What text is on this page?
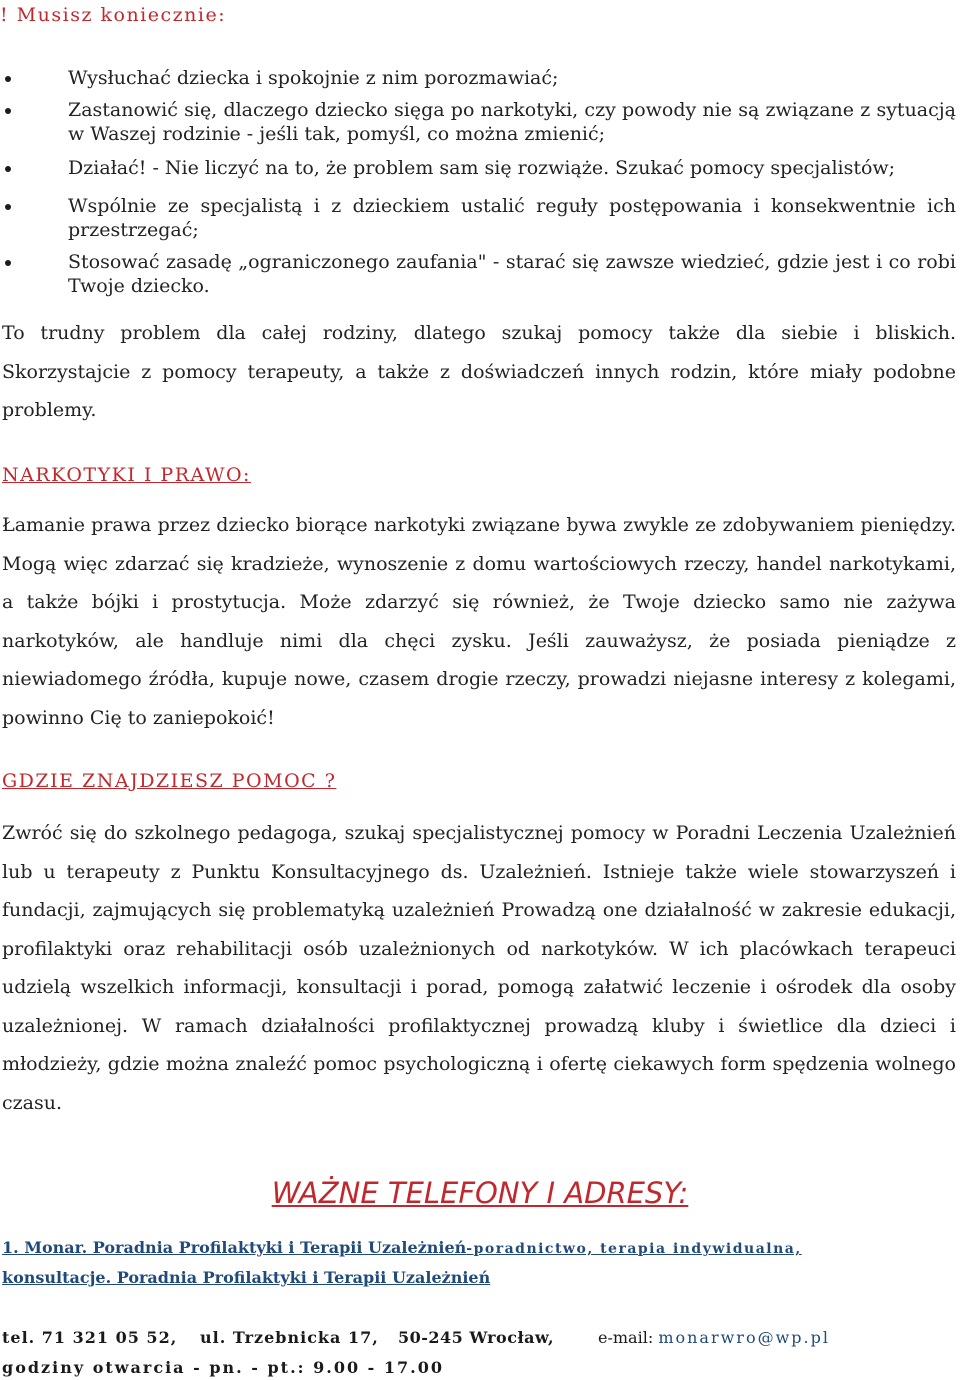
! Musisz koniecznie:
Wysłuchać dziecka i spokojnie z nim porozmawiać;
Zastanowić się, dlaczego dziecko sięga po narkotyki, czy powody nie są związane z sytuacją w Waszej rodzinie - jeśli tak, pomyśl, co można zmienić;
Działać! - Nie liczyć na to, że problem sam się rozwiąże. Szukać pomocy specjalistów;
Wspólnie ze specjalistą i z dzieckiem ustalić reguły postępowania i konsekwentnie ich przestrzegać;
Stosować zasadę „ograniczonego zaufania" - starać się zawsze wiedzieć, gdzie jest i co robi Twoje dziecko.
To trudny problem dla całej rodziny, dlatego szukaj pomocy także dla siebie i bliskich. Skorzystajcie z pomocy terapeuty, a także z doświadczeń innych rodzin, które miały podobne problemy.
NARKOTYKI I PRAWO:
Łamanie prawa przez dziecko biorące narkotyki związane bywa zwykle ze zdobywaniem pieniędzy. Mogą więc zdarzać się kradzieże, wynoszenie z domu wartościowych rzeczy, handel narkotykami, a także bójki i prostytucja. Może zdarzyć się również, że Twoje dziecko samo nie zażywa narkotyków, ale handluje nimi dla chęci zysku. Jeśli zauważysz, że posiada pieniądze z niewiadomego źródła, kupuje nowe, czasem drogie rzeczy, prowadzi niejasne interesy z kolegami, powinno Cię to zaniepokoić!
GDZIE ZNAJDZIESZ POMOC ?
Zwróć się do szkolnego pedagoga, szukaj specjalistycznej pomocy w Poradni Leczenia Uzależnień lub u terapeuty z Punktu Konsultacyjnego ds. Uzależnień. Istnieje także wiele stowarzyszeń i fundacji, zajmujących się problematyką uzależnień Prowadzą one działalność w zakresie edukacji, profilaktyki oraz rehabilitacji osób uzależnionych od narkotyków. W ich placówkach terapeuci udzielą wszelkich informacji, konsultacji i porad, pomogą załatwić leczenie i ośrodek dla osoby uzależnionej. W ramach działalności profilaktycznej prowadzą kluby i świetlice dla dzieci i młodzieży, gdzie można znaleźć pomoc psychologiczną i ofertę ciekawych form spędzenia wolnego czasu.
WAŻNE TELEFONY I ADRESY:
1. Monar. Poradnia Profilaktyki i Terapii Uzależnień-poradnictwo, terapia indywidualna,
konsultacje. Poradnia Profilaktyki i Terapii Uzależnień
tel. 71 321 05 52, ul. Trzebnicka 17, 50-245 Wrocław,	e-mail: monarwro@wp.pl
godziny otwarcia - pn. - pt.: 9.00 - 17.00
